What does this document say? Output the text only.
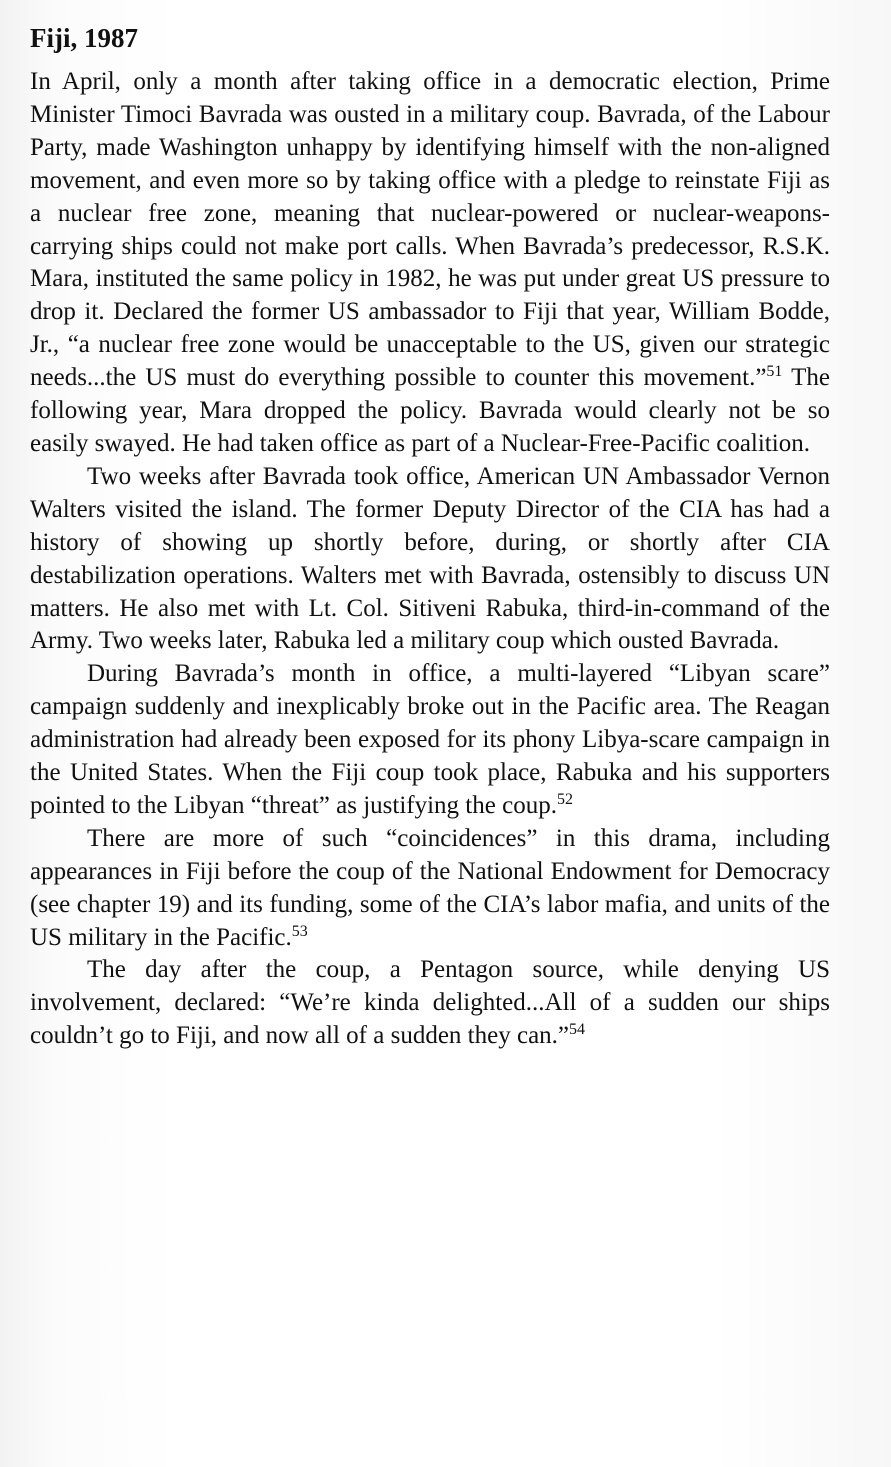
Fiji, 1987

In April, only a month after taking office in a democratic election, Prime Minister Timoci Bavrada was ousted in a military coup. Bavrada, of the Labour Party, made Washington unhappy by identifying himself with the non-aligned movement, and even more so by taking office with a pledge to reinstate Fiji as a nuclear free zone, meaning that nuclear-powered or nuclear-weapons- carrying ships could not make port calls. When Bavrada’s predecessor, R.S.K. Mara, instituted the same policy in 1982, he was put under great US pressure to drop it. Declared the former US ambassador to Fiji that year, William Bodde, Jr., “a nuclear free zone would be unacceptable to the US, given our strategic needs...the US must do everything possible to counter this movement.”$^{51}$ The following year, Mara dropped the policy. Bavrada would clearly not be so easily swayed. He had taken office as part of a Nuclear-Free-Pacific coalition.

Two weeks after Bavrada took office, American UN Ambassador Vernon Walters visited the island. The former Deputy Director of the CIA has had a history of showing up shortly before, during, or shortly after CIA destabilization operations. Walters met with Bavrada, ostensibly to discuss UN matters. He also met with Lt. Col. Sitiveni Rabuka, third-in-command of the Army. Two weeks later, Rabuka led a military coup which ousted Bavrada.

During Bavrada’s month in office, a multi-layered “Libyan scare” campaign suddenly and inexplicably broke out in the Pacific area. The Reagan administration had already been exposed for its phony Libya-scare campaign in the United States. When the Fiji coup took place, Rabuka and his supporters pointed to the Libyan “threat” as justifying the coup.$^{52}$

There are more of such “coincidences” in this drama, including appearances in Fiji before the coup of the National Endowment for Democracy (see chapter 19) and its funding, some of the CIA’s labor mafia, and units of the US military in the Pacific.$^{53}$

The day after the coup, a Pentagon source, while denying US involvement, declared: “We’re kinda delighted...All of a sudden our ships couldn’t go to Fiji, and now all of a sudden they can.”$^{54}$
